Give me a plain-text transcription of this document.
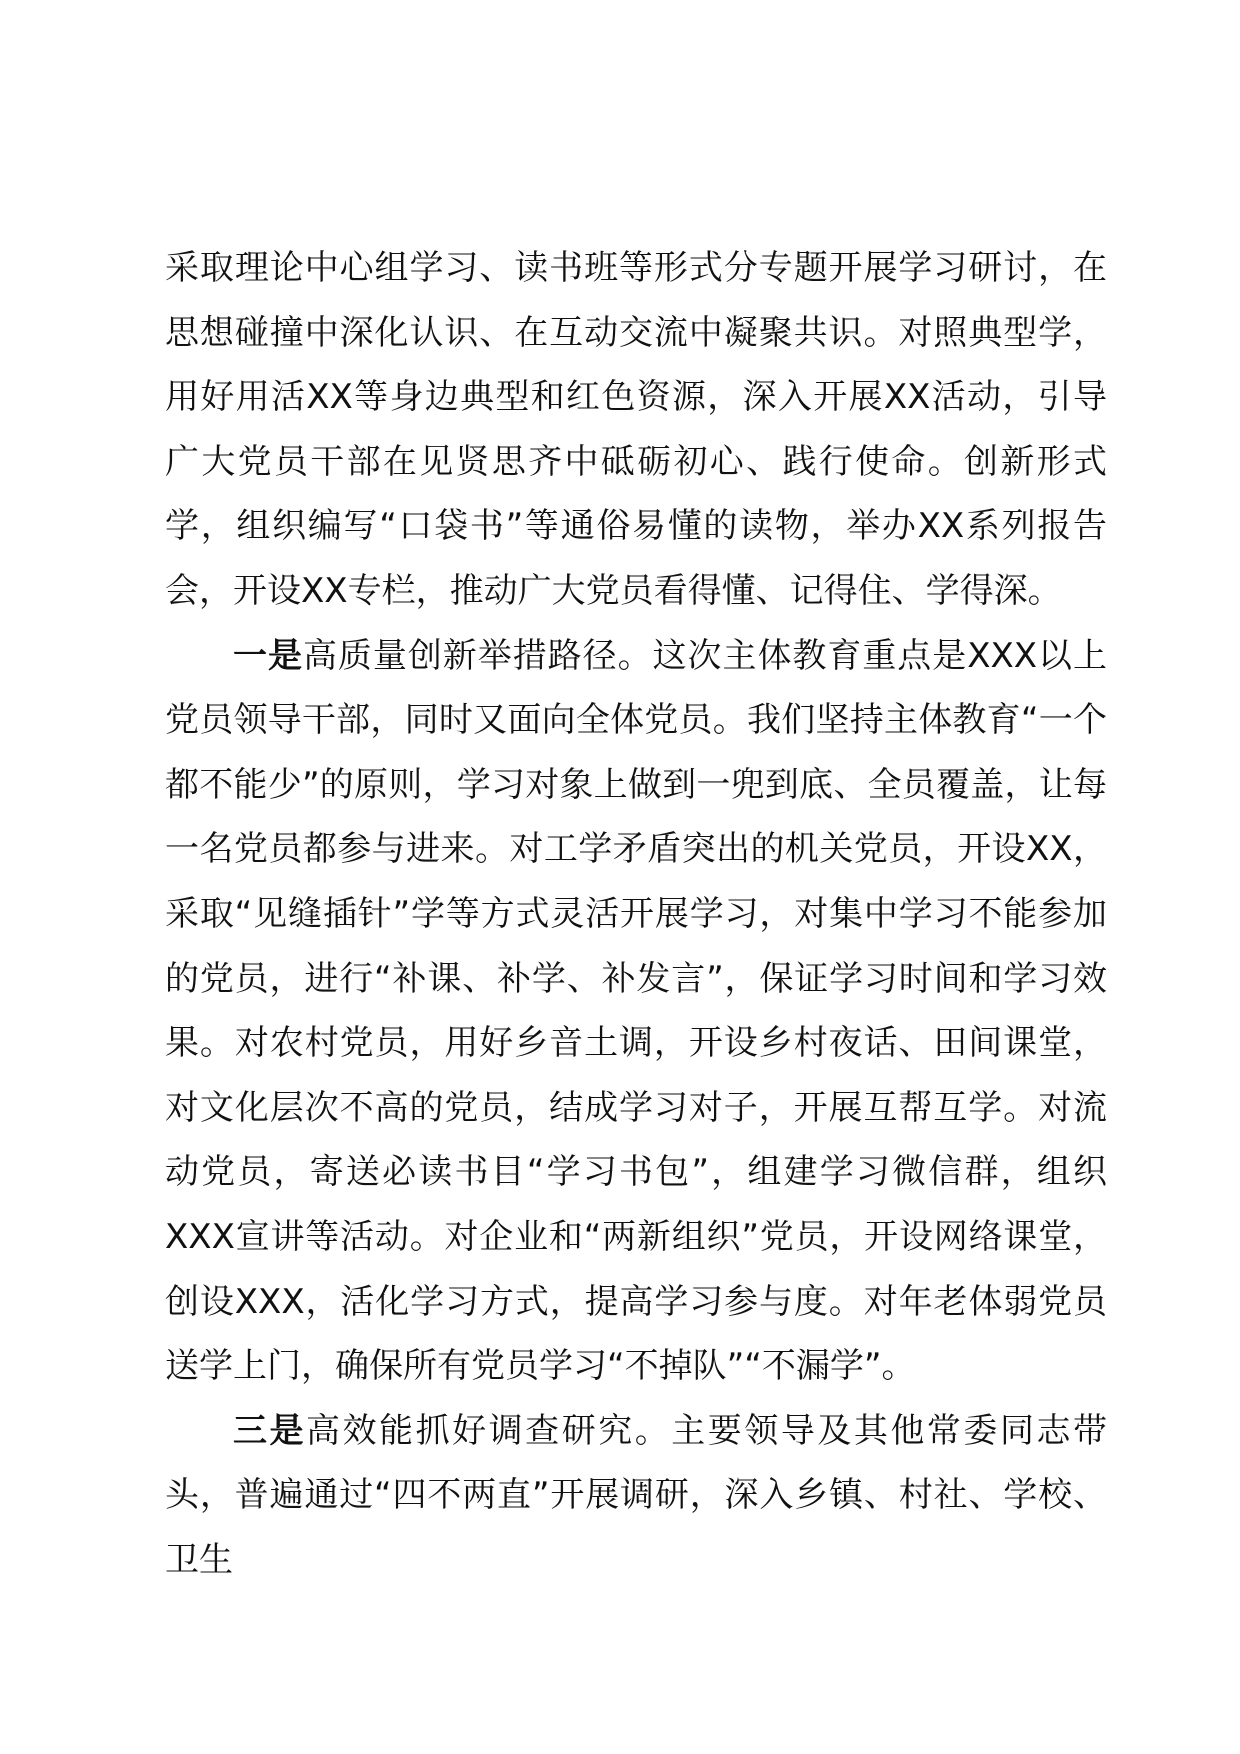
采取理论中心组学习、读书班等形式分专题开展学习研讨，在思想碰撞中深化认识、在互动交流中凝聚共识。对照典型学，用好用活XX等身边典型和红色资源，深入开展XX活动，引导广大党员干部在见贤思齐中砥砺初心、践行使命。创新形式学，组织编写“口袋书”等通俗易懂的读物，举办XX系列报告会，开设XX专栏，推动广大党员看得懂、记得住、学得深。

一是高质量创新举措路径。这次主体教育重点是XXX以上党员领导干部，同时又面向全体党员。我们坚持主体教育“一个都不能少”的原则，学习对象上做到一兜到底、全员覆盖，让每一名党员都参与进来。对工学矛盾突出的机关党员，开设XX，采取“见缝插针”学等方式灵活开展学习，对集中学习不能参加的党员，进行“补课、补学、补发言”，保证学习时间和学习效果。对农村党员，用好乡音土调，开设乡村夜话、田间课堂，对文化层次不高的党员，结成学习对子，开展互帮互学。对流动党员，寄送必读书目“学习书包”，组建学习微信群，组织XXX宣讲等活动。对企业和“两新组织”党员，开设网络课堂，创设XXX，活化学习方式，提高学习参与度。对年老体弱党员送学上门，确保所有党员学习“不掉队”“不漏学”。

三是高效能抓好调查研究。主要领导及其他常委同志带头，普遍通过“四不两直”开展调研，深入乡镇、村社、学校、卫生
